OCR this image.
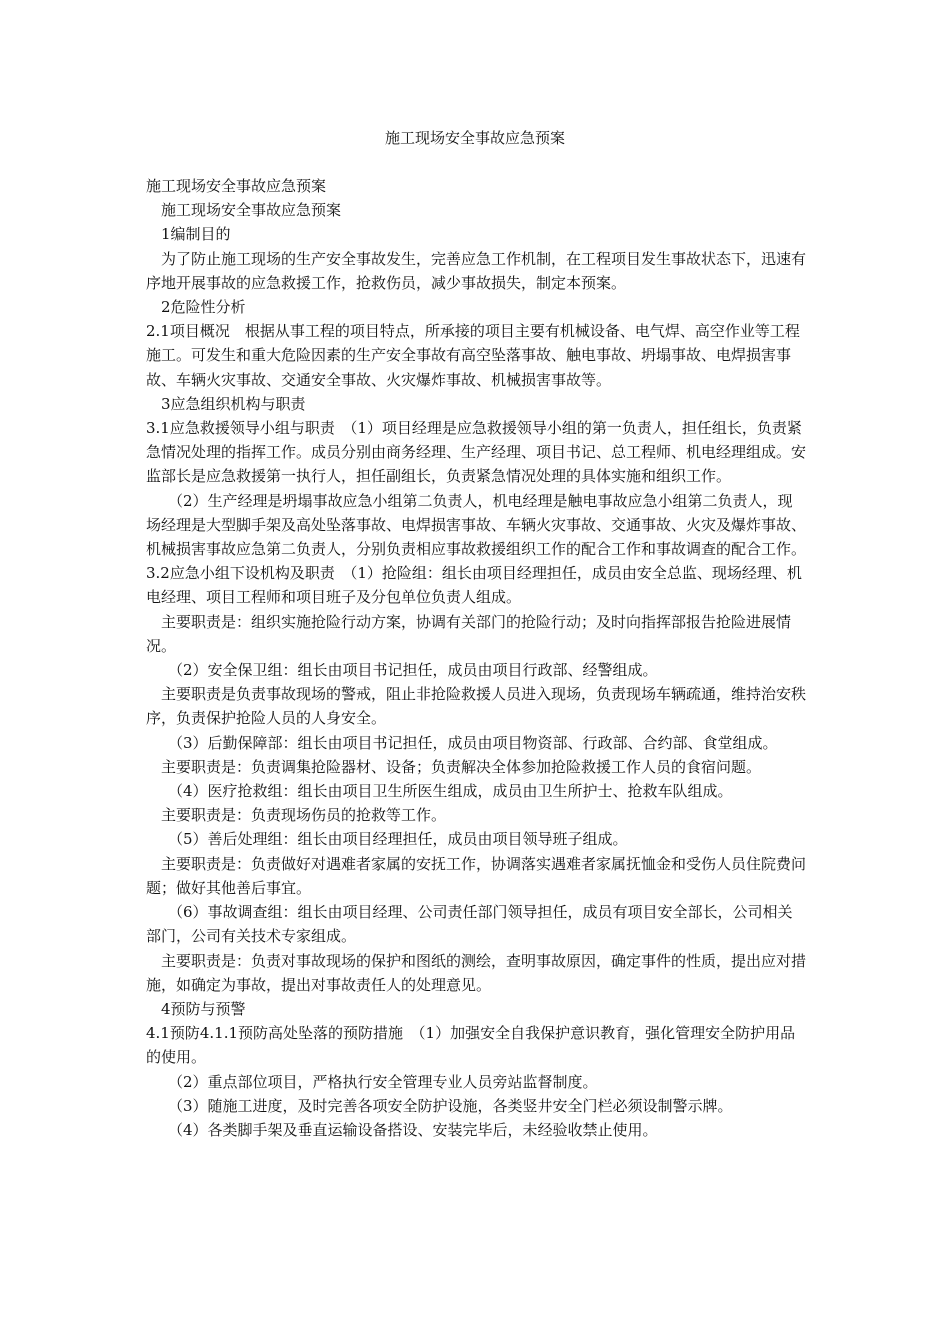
施工现场安全事故应急预案

施工现场安全事故应急预案

施工现场安全事故应急预案

1编制目的

为了防止施工现场的生产安全事故发生，完善应急工作机制，在工程项目发生事故状态下，迅速有序地开展事故的应急救援工作，抢救伤员，减少事故损失，制定本预案。

2危险性分析

2.1项目概况　根据从事工程的项目特点，所承接的项目主要有机械设备、电气焊、高空作业等工程施工。可发生和重大危险因素的生产安全事故有高空坠落事故、触电事故、坍塌事故、电焊损害事故、车辆火灾事故、交通安全事故、火灾爆炸事故、机械损害事故等。

3应急组织机构与职责

3.1应急救援领导小组与职责　（1）项目经理是应急救援领导小组的第一负责人，担任组长，负责紧急情况处理的指挥工作。成员分别由商务经理、生产经理、项目书记、总工程师、机电经理组成。安监部长是应急救援第一执行人，担任副组长，负责紧急情况处理的具体实施和组织工作。

（2）生产经理是坍塌事故应急小组第二负责人，机电经理是触电事故应急小组第二负责人，现场经理是大型脚手架及高处坠落事故、电焊损害事故、车辆火灾事故、交通事故、火灾及爆炸事故、机械损害事故应急第二负责人，分别负责相应事故救援组织工作的配合工作和事故调查的配合工作。

3.2应急小组下设机构及职责　（1）抢险组：组长由项目经理担任，成员由安全总监、现场经理、机电经理、项目工程师和项目班子及分包单位负责人组成。

主要职责是：组织实施抢险行动方案，协调有关部门的抢险行动；及时向指挥部报告抢险进展情况。

（2）安全保卫组：组长由项目书记担任，成员由项目行政部、经警组成。

主要职责是负责事故现场的警戒，阻止非抢险救援人员进入现场，负责现场车辆疏通，维持治安秩序，负责保护抢险人员的人身安全。

（3）后勤保障部：组长由项目书记担任，成员由项目物资部、行政部、合约部、食堂组成。

主要职责是：负责调集抢险器材、设备；负责解决全体参加抢险救援工作人员的食宿问题。

（4）医疗抢救组：组长由项目卫生所医生组成，成员由卫生所护士、抢救车队组成。

主要职责是：负责现场伤员的抢救等工作。

（5）善后处理组：组长由项目经理担任，成员由项目领导班子组成。

主要职责是：负责做好对遇难者家属的安抚工作，协调落实遇难者家属抚恤金和受伤人员住院费问题；做好其他善后事宜。

（6）事故调查组：组长由项目经理、公司责任部门领导担任，成员有项目安全部长，公司相关部门，公司有关技术专家组成。

主要职责是：负责对事故现场的保护和图纸的测绘，查明事故原因，确定事件的性质，提出应对措施，如确定为事故，提出对事故责任人的处理意见。

4预防与预警

4.1预防4.1.1预防高处坠落的预防措施　（1）加强安全自我保护意识教育，强化管理安全防护用品的使用。

（2）重点部位项目，严格执行安全管理专业人员旁站监督制度。

（3）随施工进度，及时完善各项安全防护设施，各类竖井安全门栏必须设制警示牌。

（4）各类脚手架及垂直运输设备搭设、安装完毕后，未经验收禁止使用。
